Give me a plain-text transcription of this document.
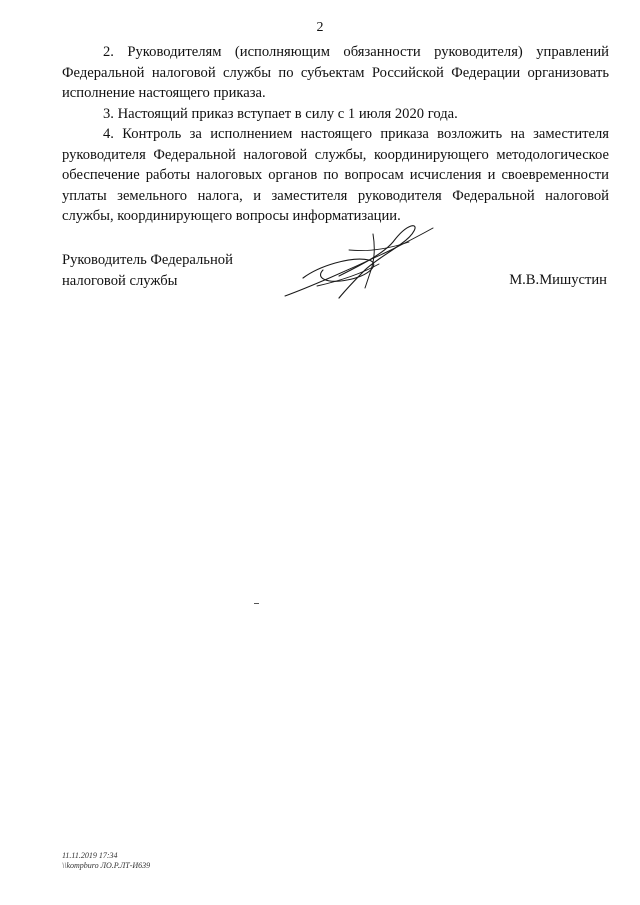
2

2. Руководителям (исполняющим обязанности руководителя) управлений Федеральной налоговой службы по субъектам Российской Федерации организовать исполнение настоящего приказа.

3. Настоящий приказ вступает в силу с 1 июля 2020 года.

4. Контроль за исполнением настоящего приказа возложить на заместителя руководителя Федеральной налоговой службы, координирующего методологическое обеспечение работы налоговых органов по вопросам исчисления и своевременности уплаты земельного налога, и заместителя руководителя Федеральной налоговой службы, координирующего вопросы информатизации.

Руководитель Федеральной
налоговой службы	М.В.Мишустин
11.11.2019 17:34
\\kompburo ЛО.Р.ЛТ-И639
